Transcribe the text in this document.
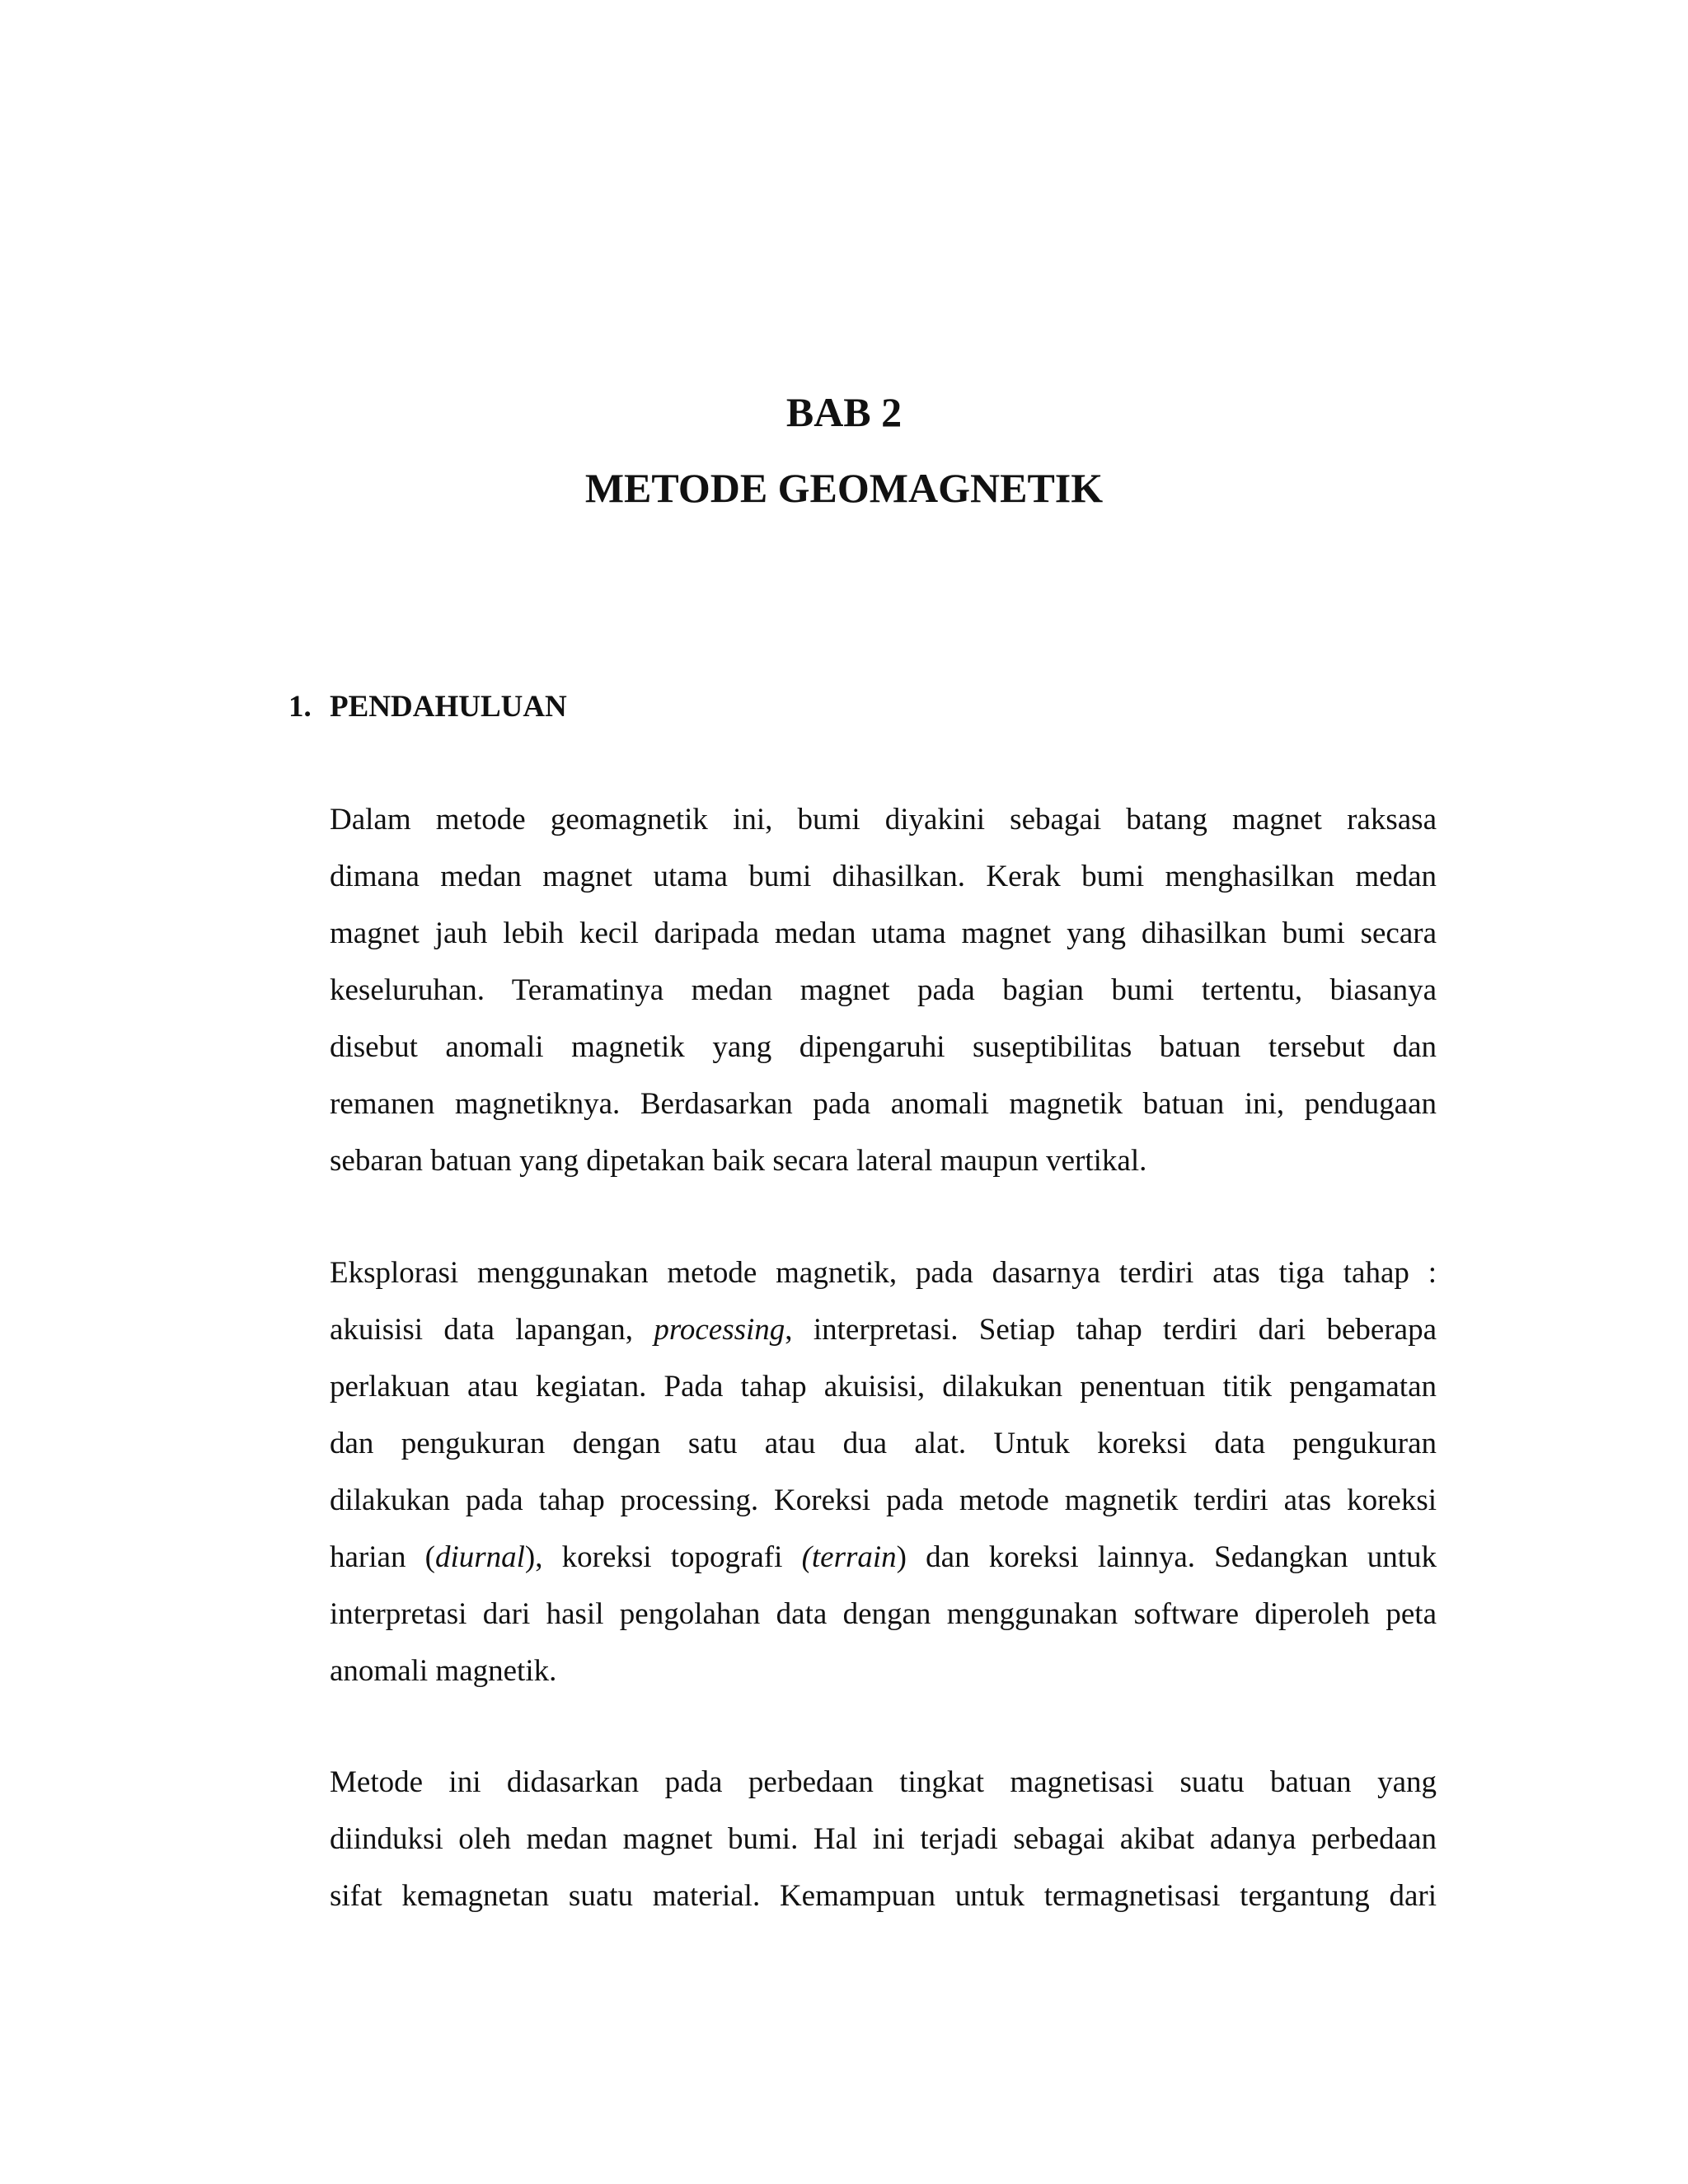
BAB 2
METODE GEOMAGNETIK
1. PENDAHULUAN

Dalam metode geomagnetik ini, bumi diyakini sebagai batang magnet raksasa
dimana medan magnet utama bumi dihasilkan. Kerak bumi menghasilkan medan
magnet jauh lebih kecil daripada medan utama magnet yang dihasilkan bumi secara
keseluruhan. Teramatinya medan magnet pada bagian bumi tertentu, biasanya
disebut anomali magnetik yang dipengaruhi suseptibilitas batuan tersebut dan
remanen magnetiknya. Berdasarkan pada anomali magnetik batuan ini, pendugaan
sebaran batuan yang dipetakan baik secara lateral maupun vertikal.

Eksplorasi menggunakan metode magnetik, pada dasarnya terdiri atas tiga tahap :
akuisisi data lapangan, processing, interpretasi. Setiap tahap terdiri dari beberapa
perlakuan atau kegiatan. Pada tahap akuisisi, dilakukan penentuan titik pengamatan
dan pengukuran dengan satu atau dua alat. Untuk koreksi data pengukuran
dilakukan pada tahap processing. Koreksi pada metode magnetik terdiri atas koreksi
harian (diurnal), koreksi topografi (terrain) dan koreksi lainnya. Sedangkan untuk
interpretasi dari hasil pengolahan data dengan menggunakan software diperoleh peta
anomali magnetik.

Metode ini didasarkan pada perbedaan tingkat magnetisasi suatu batuan yang
diinduksi oleh medan magnet bumi. Hal ini terjadi sebagai akibat adanya perbedaan
sifat kemagnetan suatu material. Kemampuan untuk termagnetisasi tergantung dari
